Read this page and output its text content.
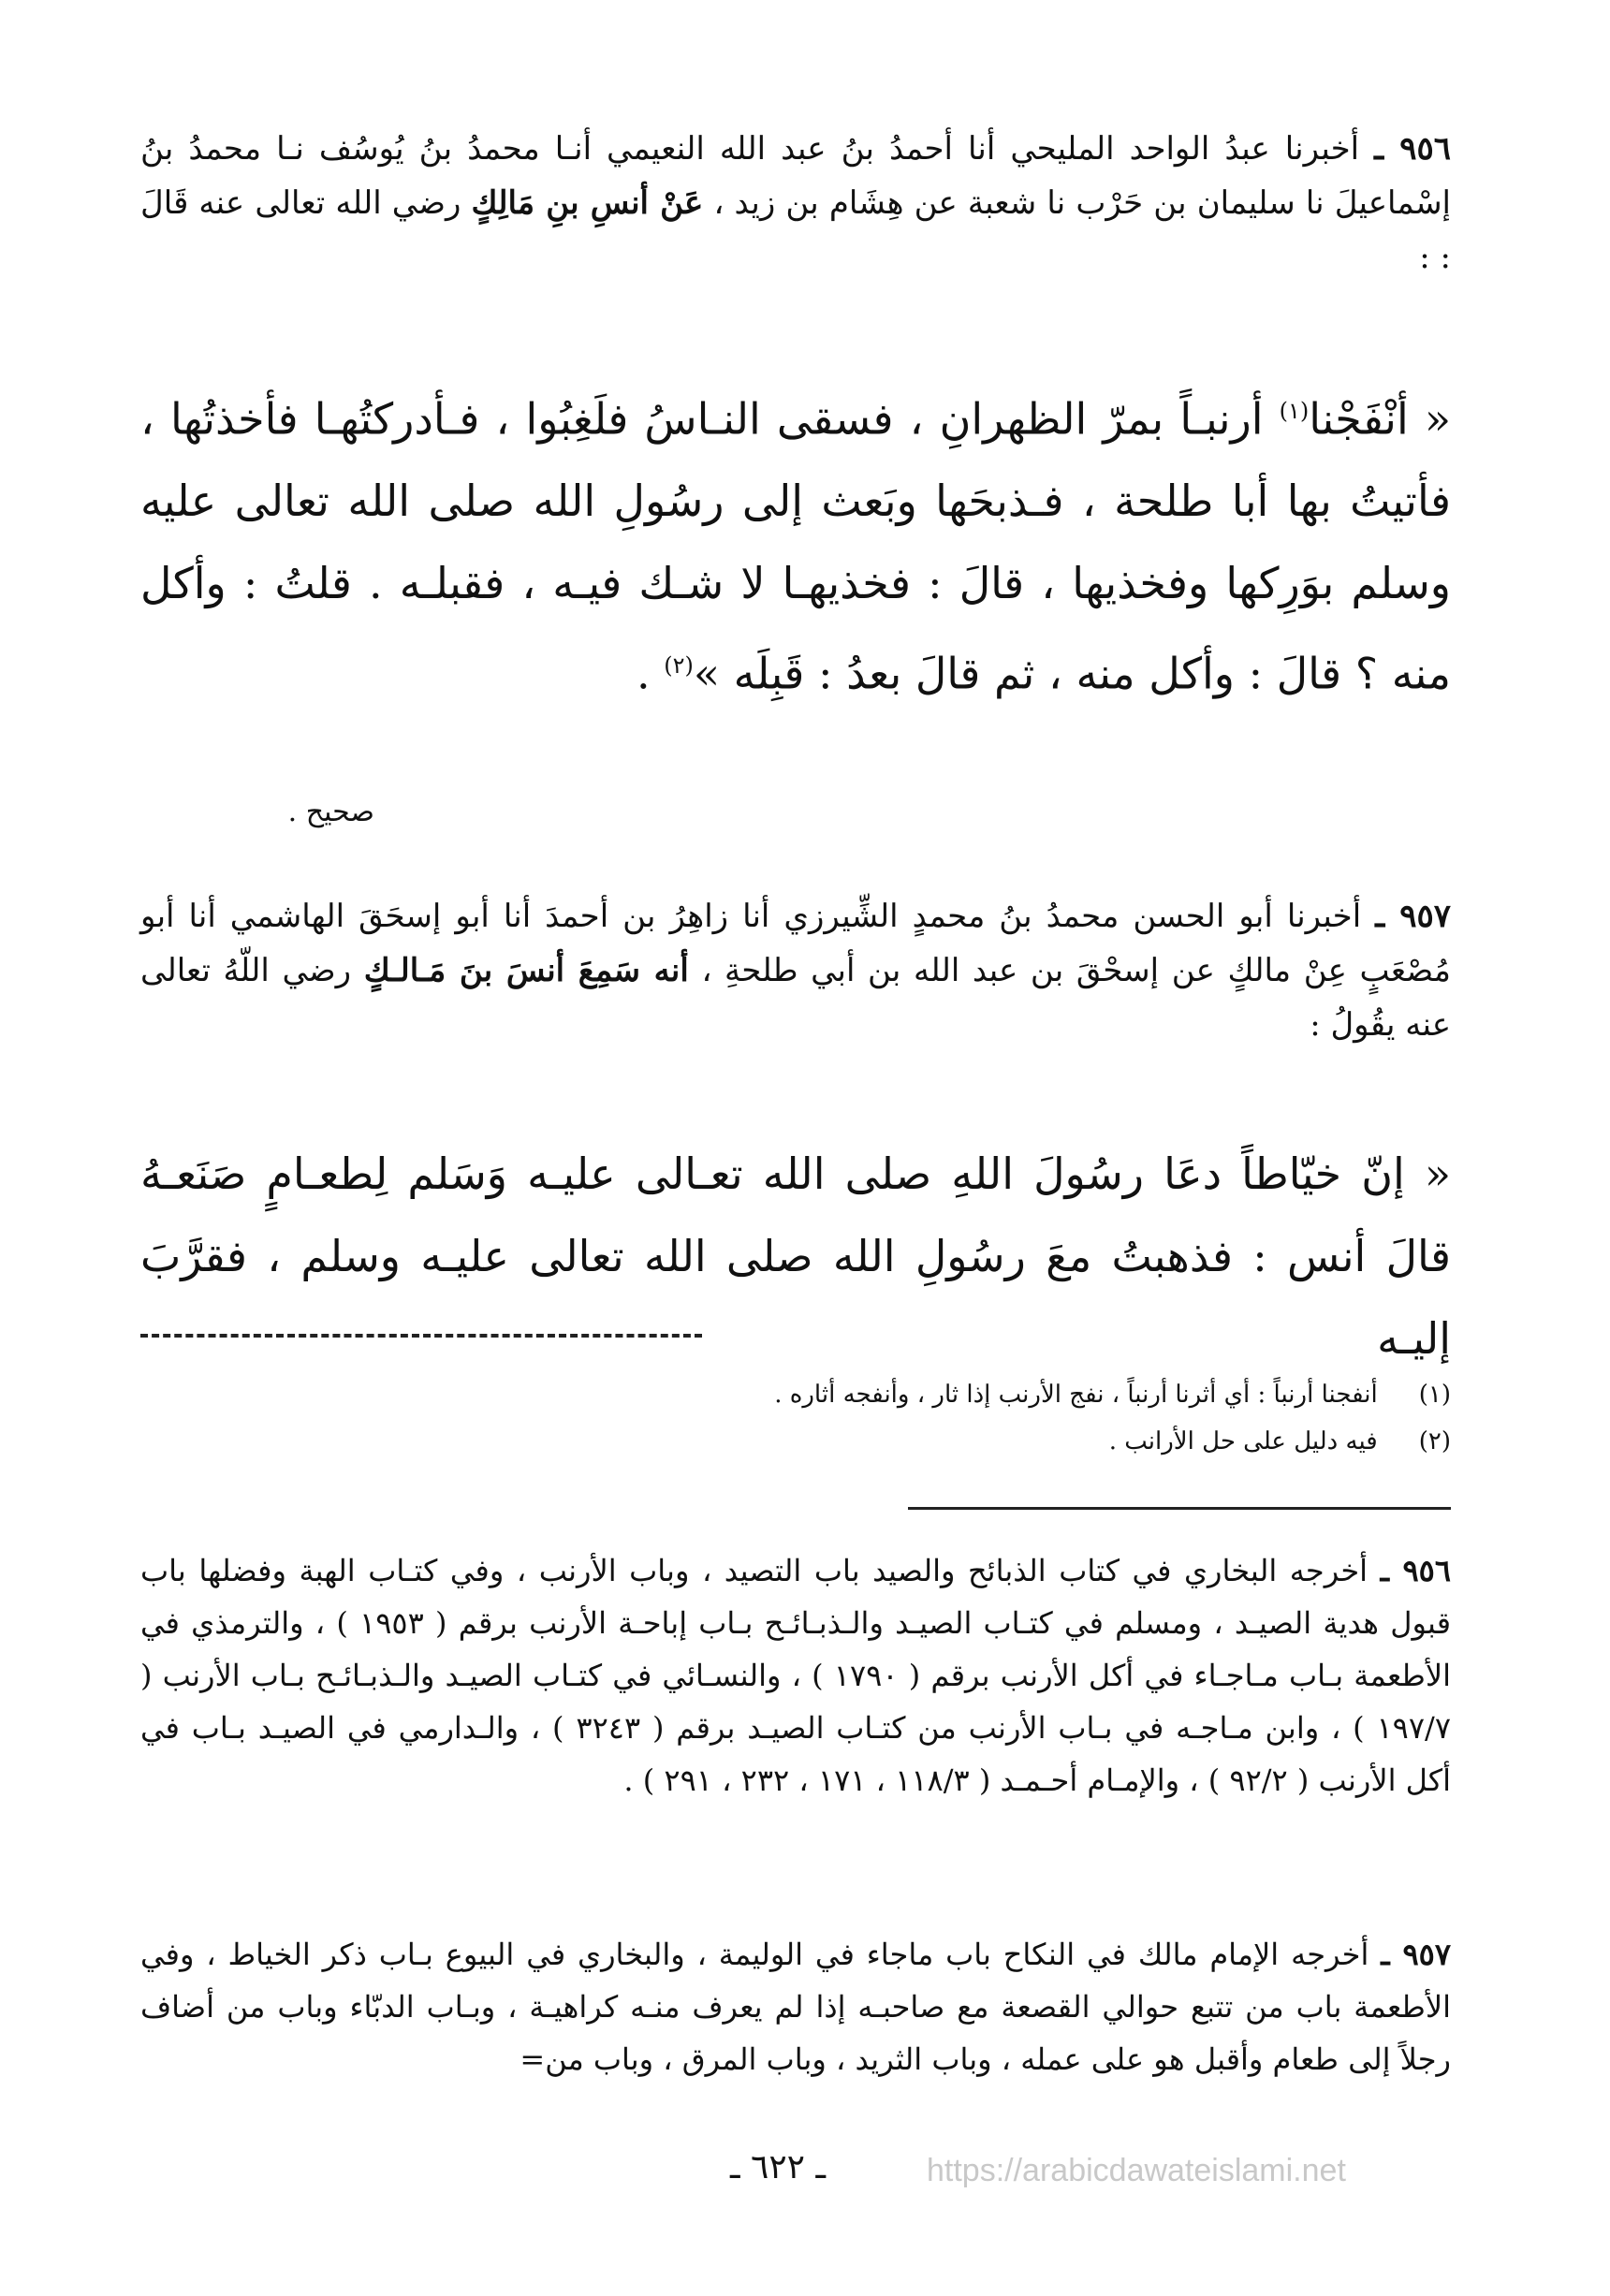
٩٥٦ ـ أخبرنا عبدُ الواحد المليحي أنا أحمدُ بنُ عبد الله النعيمي أنـا محمدُ بنُ يُوسُف نـا محمدُ بنُ إسْماعيلَ نا سليمان بن حَرْب نا شعبة عن هِشَام بن زيد ، عَنْ أنسِ بنِ مَالِكٍ رضي الله تعالى عنه قَالَ : :

« أنْفَجْنا$^{(١)}$ أرنبـاً بمرّ الظهرانِ ، فسقى النـاسُ فلَغِبُوا ، فـأدركتُهـا فأخذتُها ، فأتيتُ بها أبا طلحة ، فـذبحَها وبَعث إلى رسُولِ الله صلى الله تعالى عليه وسلم بوَرِكها وفخذيها ، قالَ : فخذيهـا لا شـك فيـه ، فقبلـه . قلتُ : وأكل منه ؟ قالَ : وأكل منه ، ثم قالَ بعدُ : قَبِلَه »$^{(٢)}$ .

صحيح .

٩٥٧ ـ أخبرنا أبو الحسن محمدُ بنُ محمدٍ الشِّيرزي أنا زاهِرُ بن أحمدَ أنا أبو إسحَقَ الهاشمي أنا أبو مُصْعَبٍ عِنْ مالكٍ عن إسحْقَ بن عبد الله بن أبي طلحةِ ، أنه سَمِعَ أنسَ بنَ مَـالـكٍ رضي اللّهُ تعالى عنه يقُولُ :

« إنّ خيّاطاً دعَا رسُولَ اللهِ صلى الله تعـالى عليـه وَسَلم لِطعـامٍ صَنَعـهُ قالَ أنس : فذهبتُ معَ رسُولِ الله صلى الله تعالى عليـه وسلم ، فقرَّبَ إليـه

(١) أنفجنا أرنباً : أي أثرنا أرنباً ، نفج الأرنب إذا ثار ، وأنفجه أثاره .
(٢) فيه دليل على حل الأرانب .

٩٥٦ ـ أخرجه البخاري في كتاب الذبائح والصيد باب التصيد ، وباب الأرنب ، وفي كتـاب الهبة وفضلها باب قبول هدية الصيـد ، ومسلم في كتـاب الصيـد والـذبـائـح بـاب إباحـة الأرنب برقم ( ١٩٥٣ ) ، والترمذي في الأطعمة بـاب مـاجـاء في أكل الأرنب برقم ( ١٧٩٠ ) ، والنسـائي في كتـاب الصيـد والـذبـائـح بـاب الأرنب ( ١٩٧/٧ ) ، وابن مـاجـه في بـاب الأرنب من كتـاب الصيـد برقم ( ٣٢٤٣ ) ، والـدارمي في الصيـد بـاب في أكل الأرنب ( ٩٢/٢ ) ، والإمـام أحـمـد ( ١١٨/٣ ، ١٧١ ، ٢٣٢ ، ٢٩١ ) .

٩٥٧ ـ أخرجه الإمام مالك في النكاح باب ماجاء في الوليمة ، والبخاري في البيوع بـاب ذكر الخياط ، وفي الأطعمة باب من تتبع حوالي القصعة مع صاحبـه إذا لم يعرف منـه كراهيـة ، وبـاب الدبّاء وباب من أضاف رجلاً إلى طعام وأقبل هو على عمله ، وباب الثريد ، وباب المرق ، وباب من=

ـ ٦٢٢ ـ	https://arabicdawateislami.net
